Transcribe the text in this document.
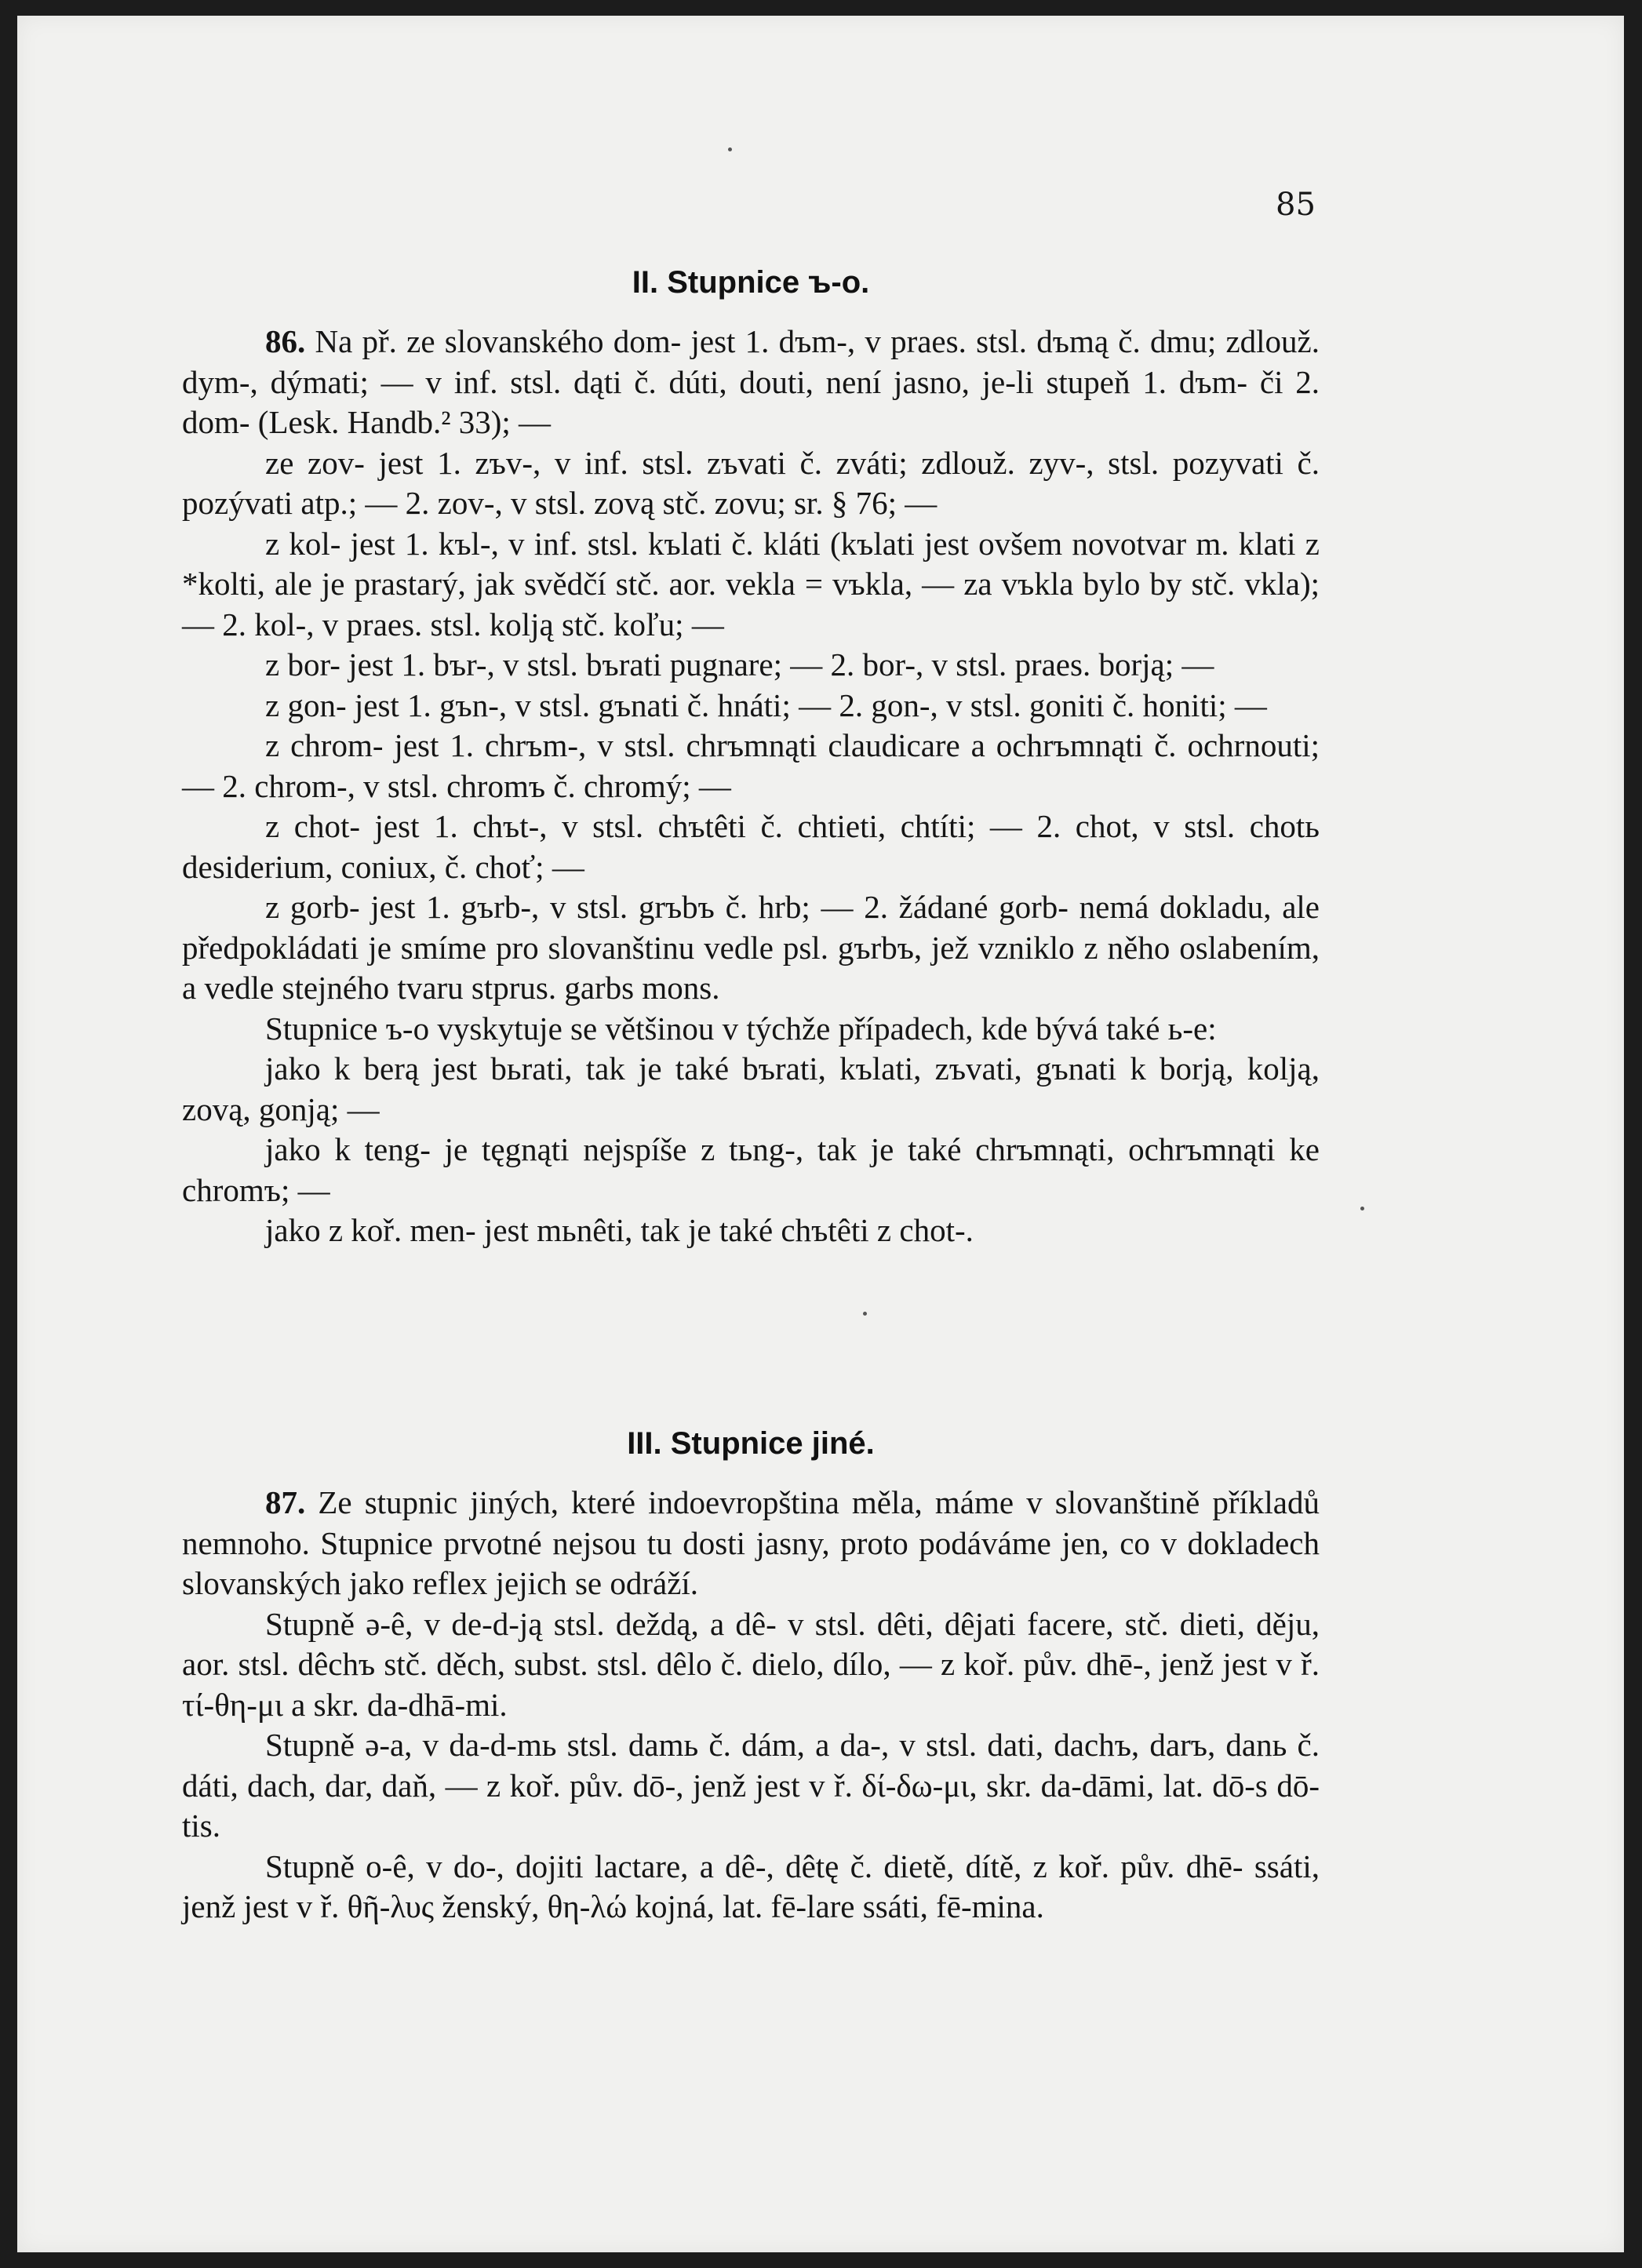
85
II. Stupnice ъ-o.

86. Na př. ze slovanského dom- jest 1. dъm-, v praes. stsl. dъmą č. dmu; zdlouž. dym-, dýmati; — v inf. stsl. dąti č. dúti, douti, není jasno, je-li stupeň 1. dъm- či 2. dom- (Lesk. Handb.² 33); —

ze zov- jest 1. zъv-, v inf. stsl. zъvati č. zváti; zdlouž. zyv-, stsl. pozyvati č. pozývati atp.; — 2. zov-, v stsl. zovą stč. zovu; sr. § 76; —

z kol- jest 1. kъl-, v inf. stsl. kъlati č. kláti (kъlati jest ovšem novotvar m. klati z *kolti, ale je prastarý, jak svědčí stč. aor. vekla = vъkla, — za vъkla bylo by stč. vkla); — 2. kol-, v praes. stsl. kolją stč. koľu; —

z bor- jest 1. bъr-, v stsl. bъrati pugnare; — 2. bor-, v stsl. praes. borją; —

z gon- jest 1. gъn-, v stsl. gъnati č. hnáti; — 2. gon-, v stsl. goniti č. honiti; —

z chrom- jest 1. chrъm-, v stsl. chrъmnąti claudicare a ochrъmnąti č. ochrnouti; — 2. chrom-, v stsl. chromъ č. chromý; —

z chot- jest 1. chъt-, v stsl. chъtêti č. chtieti, chtíti; — 2. chot, v stsl. chotь desiderium, coniux, č. choť; —

z gorb- jest 1. gъrb-, v stsl. grъbъ č. hrb; — 2. žádané gorb- nemá dokladu, ale předpokládati je smíme pro slovanštinu vedle psl. gъrbъ, jež vzniklo z něho oslabením, a vedle stejného tvaru stprus. garbs mons.

Stupnice ъ-o vyskytuje se většinou v týchže případech, kde bývá také ь-e:

jako k berą jest bьrati, tak je také bъrati, kъlati, zъvati, gъnati k borją, kolją, zovą, gonją; —

jako k teng- je tęgnąti nejspíše z tьng-, tak je také chrъmnąti, ochrъmnąti ke chromъ; —

jako z koř. men- jest mьnêti, tak je také chъtêti z chot-.

III. Stupnice jiné.

87. Ze stupnic jiných, které indoevropština měla, máme v slovanštině příkladů nemnoho. Stupnice prvotné nejsou tu dosti jasny, proto podáváme jen, co v dokladech slovanských jako reflex jejich se odráží.

Stupně ə-ê, v de-d-ją stsl. deždą, a dê- v stsl. dêti, dêjati facere, stč. dieti, děju, aor. stsl. dêchъ stč. děch, subst. stsl. dêlo č. dielo, dílo, — z koř. pův. dhē-, jenž jest v ř. τί-θη-μι a skr. da-dhā-mi.

Stupně ə-a, v da-d-mь stsl. damь č. dám, a da-, v stsl. dati, dachъ, darъ, danь č. dáti, dach, dar, daň, — z koř. pův. dō-, jenž jest v ř. δί-δω-μι, skr. da-dāmi, lat. dō-s dō-tis.

Stupně o-ê, v do-, dojiti lactare, a dê-, dêtę č. dietě, dítě, z koř. pův. dhē- ssáti, jenž jest v ř. θῆ-λυς ženský, θη-λώ kojná, lat. fē-lare ssáti, fē-mina.
